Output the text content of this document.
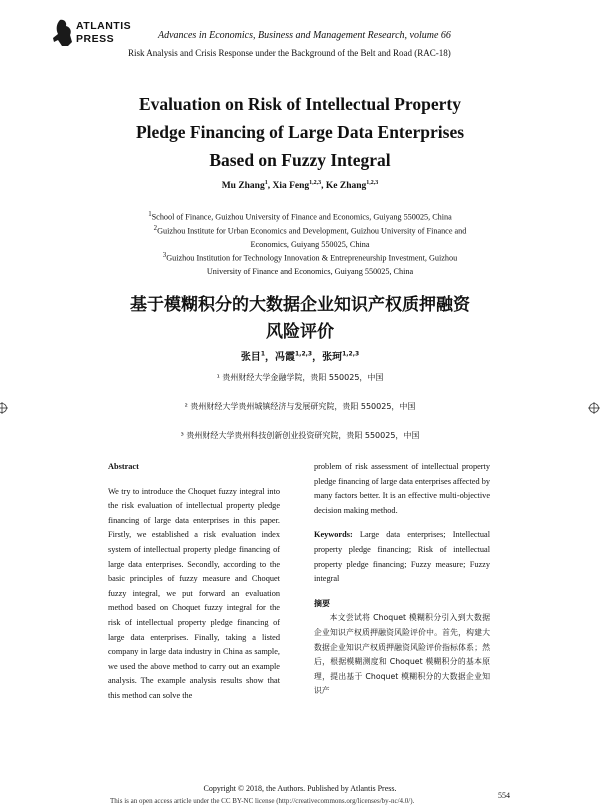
ATLANTIS
PRESS	Advances in Economics, Business and Management Research, volume 66
Risk Analysis and Crisis Response under the Background of the Belt and Road (RAC-18)
Evaluation on Risk of Intellectual Property
Pledge Financing of Large Data Enterprises
Based on Fuzzy Integral
Mu Zhang$^1$, Xia Feng$^{1,2,3}$, Ke Zhang$^{1,2,3}$
$^1$School of Finance, Guizhou University of Finance and Economics, Guiyang 550025, China
$^2$Guizhou Institute for Urban Economics and Development, Guizhou University of Finance and
Economics, Guiyang 550025, China
$^3$Guizhou Institution for Technology Innovation & Entrepreneurship Investment, Guizhou
University of Finance and Economics, Guiyang 550025, China
基于模糊积分的大数据企业知识产权质押融资
风险评价
张目$^1$，冯霞$^{1,2,3}$，张珂$^{1,2,3}$
¹ 贵州财经大学金融学院，贵阳 550025，中国
² 贵州财经大学贵州城镇经济与发展研究院，贵阳 550025，中国
³ 贵州财经大学贵州科技创新创业投资研究院，贵阳 550025，中国
Abstract

We try to introduce the Choquet fuzzy integral into the risk evaluation of intellectual property pledge financing of large data enterprises in this paper. Firstly, we established a risk evaluation index system of intellectual property pledge financing of large data enterprises. Secondly, according to the basic principles of fuzzy measure and Choquet fuzzy integral, we put forward an evaluation method based on Choquet fuzzy integral for the risk of intellectual property pledge financing of large data enterprises. Finally, taking a listed company in large data industry in China as sample, we used the above method to carry out an example analysis. The example analysis results show that this method can solve the

problem of risk assessment of intellectual property pledge financing of large data enterprises affected by many factors better. It is an effective multi-objective decision making method.

Keywords: Large data enterprises; Intellectual property pledge financing; Risk of intellectual property pledge financing; Fuzzy measure; Fuzzy integral

摘要

本文尝试将 Choquet 模糊积分引入到大数据企业知识产权质押融资风险评价中。首先，构建大数据企业知识产权质押融资风险评价指标体系；然后，根据模糊测度和 Choquet 模糊积分的基本原理，提出基于 Choquet 模糊积分的大数据企业知识产

Copyright © 2018, the Authors. Published by Atlantis Press.
554
This is an open access article under the CC BY-NC license (http://creativecommons.org/licenses/by-nc/4.0/).
